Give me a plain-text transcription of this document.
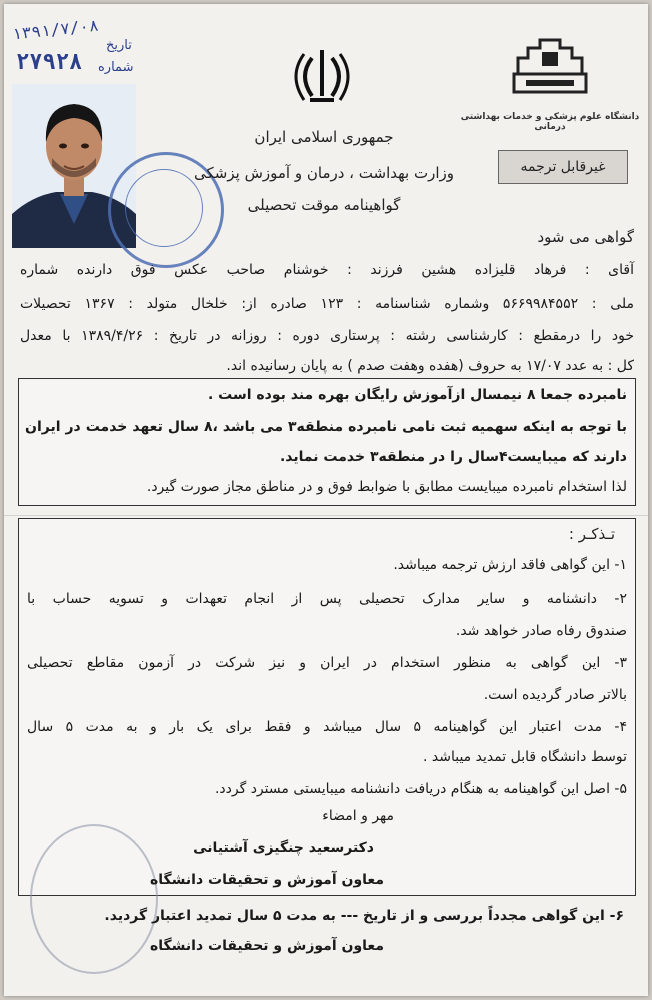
۱۳۹۱/۷/۰۸
تاریخ
۲۷۹۲۸ شماره
جمهوری اسلامی ایران
وزارت بهداشت ، درمان و آموزش پزشکی
گواهینامه موقت تحصیلی
دانشگاه علوم پزشکی و خدمات بهداشتی درمانی
غیرقابل ترجمه
گواهی می شود
آقای : فرهاد قلیزاده هشین فرزند : خوشنام صاحب عکس فوق دارنده شماره
ملی : ۵۶۶۹۹۸۴۵۵۲ وشماره شناسنامه : ۱۲۳ صادره از: خلخال متولد : ۱۳۶۷ تحصیلات
خود را درمقطع : کارشناسی رشته : پرستاری دوره : روزانه در تاریخ : ۱۳۸۹/۴/۲۶ با معدل
کل : به عدد ۱۷/۰۷ به حروف (هفده وهفت صدم ) به پایان رسانیده اند.

نامبرده جمعا ۸ نیمسال ازآموزش رایگان بهره مند بوده است .

با توجه به اینکه سهمیه ثبت نامی نامبرده منطقه۳ می باشد ،۸ سال تعهد خدمت در ایران

دارند که میبایست۴سال را در منطقه۳ خدمت نماید.

لذا استخدام نامبرده میبایست مطابق با ضوابط فوق و در مناطق مجاز صورت گیرد.

تـذکـر :
۱- این گواهی فاقد ارزش ترجمه میباشد.
۲- دانشنامه و سایر مدارک تحصیلی پس از انجام تعهدات و تسویه حساب با
صندوق رفاه صادر خواهد شد.
۳- این گواهی به منظور استخدام در ایران و نیز شرکت در آزمون مقاطع تحصیلی
بالاتر صادر گردیده است.
۴- مدت اعتبار این گواهینامه ۵ سال میباشد و فقط برای یک بار و به مدت ۵ سال
توسط دانشگاه قابل تمدید میباشد .
۵- اصل این گواهینامه به هنگام دریافت دانشنامه میبایستی مسترد گردد.
مهر و امضاء
دکترسعید چنگیزی آشتیانی
معاون آموزش و تحقیقات دانشگاه
۶- این گواهی مجدداً بررسی و از تاریخ --- به مدت ۵ سال تمدید اعتبار گردید.
معاون آموزش و تحقیقات دانشگاه
